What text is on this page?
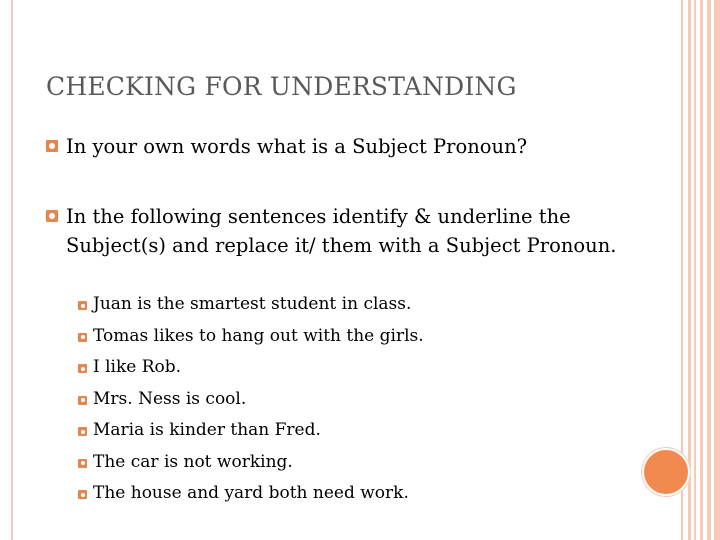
CHECKING FOR UNDERSTANDING
In your own words what is a Subject Pronoun?
In the following sentences identify & underline the Subject(s) and replace it/ them with a Subject Pronoun.
Juan is the smartest student in class.
Tomas likes to hang out with the girls.
I like Rob.
Mrs. Ness is cool.
Maria is kinder than Fred.
The car is not working.
The house and yard both need work.
